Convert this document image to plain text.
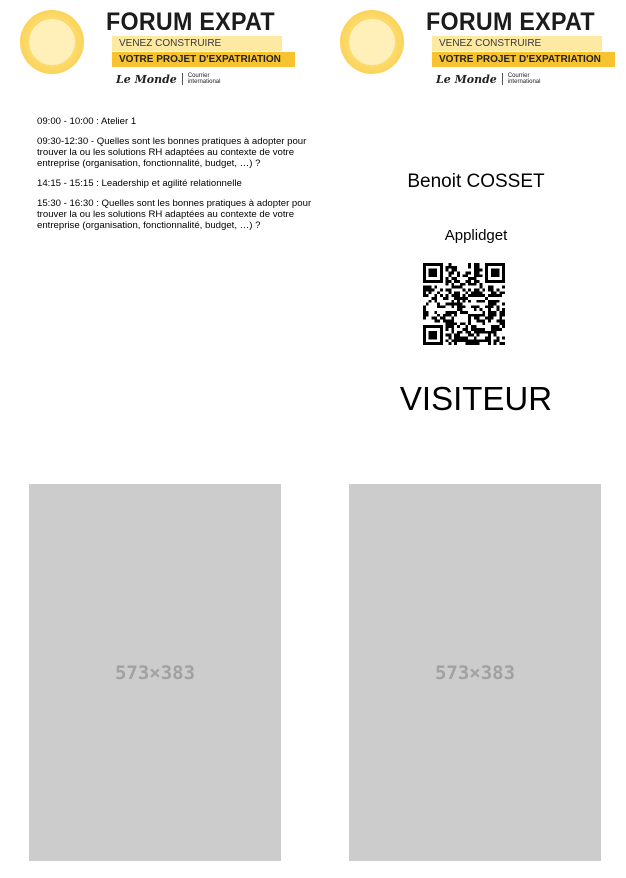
FORUM EXPAT
VENEZ CONSTRUIRE
VOTRE PROJET D'EXPATRIATION
Le Monde Courrier
international
FORUM EXPAT
VENEZ CONSTRUIRE
VOTRE PROJET D'EXPATRIATION
Le Monde Courrier
international

09:00 - 10:00 : Atelier 1

09:30-12:30 - Quelles sont les bonnes pratiques à adopter pour trouver la ou les solutions RH adaptées au contexte de votre entreprise (organisation, fonctionnalité, budget, …) ?

14:15 - 15:15 : Leadership et agilité relationnelle

15:30 - 16:30 : Quelles sont les bonnes pratiques à adopter pour trouver la ou les solutions RH adaptées au contexte de votre entreprise (organisation, fonctionnalité, budget, …) ?

Benoit COSSET
Applidget
VISITEUR
573×383	573×383
